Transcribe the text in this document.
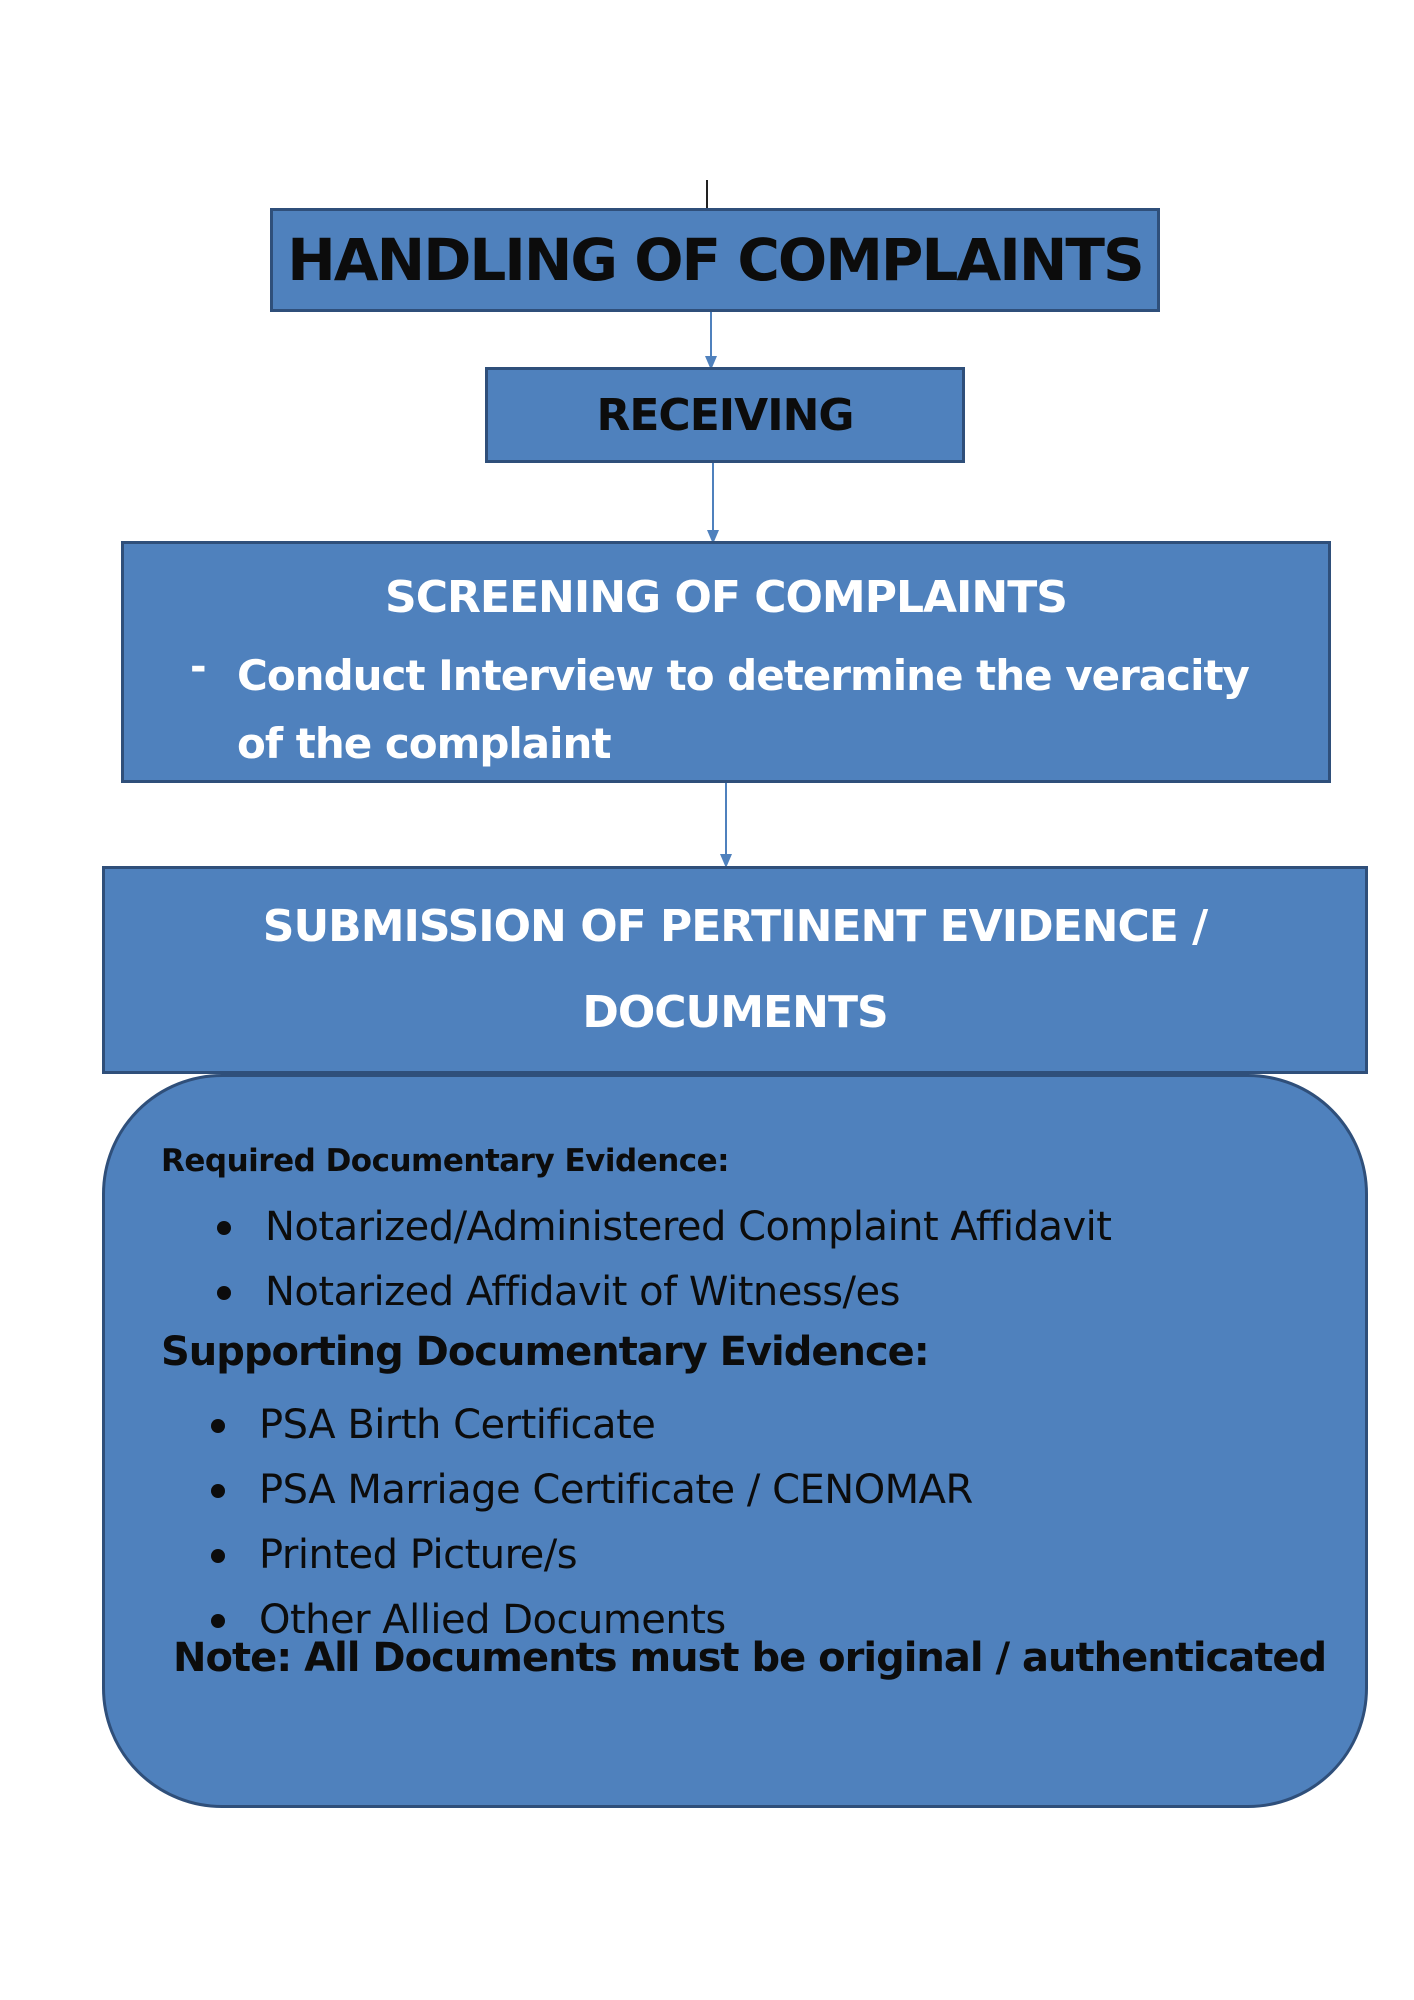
HANDLING OF COMPLAINTS
RECEIVING
SCREENING OF COMPLAINTS
- Conduct Interview to determine the veracity of the complaint
SUBMISSION OF PERTINENT EVIDENCE / DOCUMENTS
Required Documentary Evidence:
Notarized/Administered Complaint Affidavit
Notarized Affidavit of Witness/es
Supporting Documentary Evidence:
PSA Birth Certificate
PSA Marriage Certificate / CENOMAR
Printed Picture/s
Other Allied Documents
Note: All Documents must be original / authenticated
